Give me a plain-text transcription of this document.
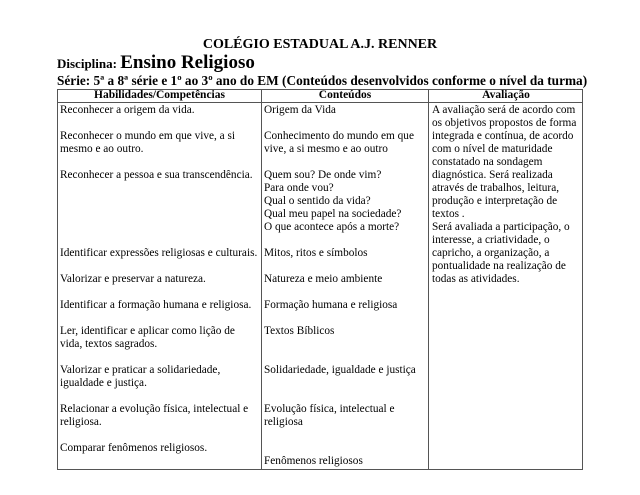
COLÉGIO ESTADUAL A.J. RENNER
Disciplina: Ensino Religioso
Série: 5ª a 8ª série e 1º ao 3º ano do EM (Conteúdos desenvolvidos conforme o nível da turma)
Habilidades/Competências	Conteúdos	Avaliação
Reconhecer a origem da vida.
Reconhecer o mundo em que vive, a si
mesmo e ao outro.
Reconhecer a pessoa e sua transcendência.
Identificar expressões religiosas e culturais.
Valorizar e preservar a natureza.
Identificar a formação humana e religiosa.
Ler, identificar e aplicar como lição de
vida, textos sagrados.
Valorizar e praticar a solidariedade,
igualdade e justiça.
Relacionar a evolução física, intelectual e
religiosa.
Comparar fenômenos religiosos.
Origem da Vida
Conhecimento do mundo em que
vive, a si mesmo e ao outro
Quem sou? De onde vim?
Para onde vou?
Qual o sentido da vida?
Qual meu papel na sociedade?
O que acontece após a morte?
Mitos, ritos e símbolos
Natureza e meio ambiente
Formação humana e religiosa
Textos Bíblicos
Solidariedade, igualdade e justiça
Evolução física, intelectual e
religiosa
Fenômenos religiosos
A avaliação será de acordo com
os objetivos propostos de forma
integrada e contínua, de acordo
com o nível de maturidade
constatado na sondagem
diagnóstica. Será realizada
através de trabalhos, leitura,
produção e interpretação de
textos .
Será avaliada a participação, o
interesse, a criatividade, o
capricho, a organização, a
pontualidade na realização de
todas as atividades.
